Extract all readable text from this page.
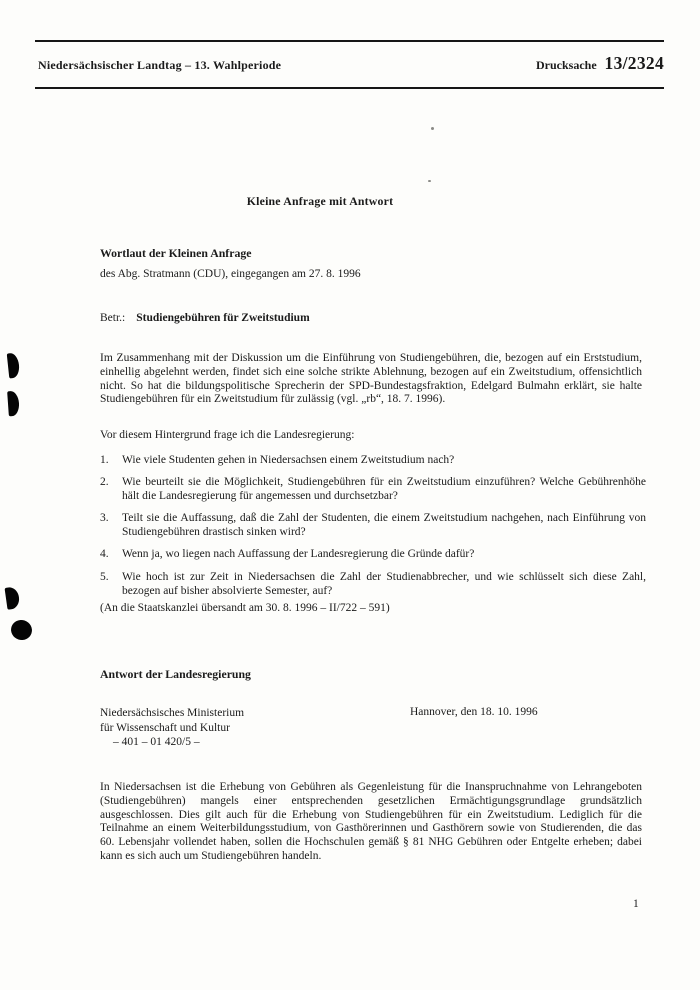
Niedersächsischer Landtag – 13. Wahlperiode	Drucksache 13/2324
Kleine Anfrage mit Antwort
Wortlaut der Kleinen Anfrage
des Abg. Stratmann (CDU), eingegangen am 27. 8. 1996
Betr.: Studiengebühren für Zweitstudium
Im Zusammenhang mit der Diskussion um die Einführung von Studiengebühren, die, bezogen auf ein Erststudium, einhellig abgelehnt werden, findet sich eine solche strikte Ablehnung, bezogen auf ein Zweitstudium, offensichtlich nicht. So hat die bildungspolitische Sprecherin der SPD-Bundestagsfraktion, Edelgard Bulmahn erklärt, sie halte Studiengebühren für ein Zweitstudium für zulässig (vgl. „rb“, 18. 7. 1996).
Vor diesem Hintergrund frage ich die Landesregierung:
1.	Wie viele Studenten gehen in Niedersachsen einem Zweitstudium nach?
2.	Wie beurteilt sie die Möglichkeit, Studiengebühren für ein Zweitstudium einzuführen? Welche Gebührenhöhe hält die Landesregierung für angemessen und durchsetzbar?
3.	Teilt sie die Auffassung, daß die Zahl der Studenten, die einem Zweitstudium nachgehen, nach Einführung von Studiengebühren drastisch sinken wird?
4.	Wenn ja, wo liegen nach Auffassung der Landesregierung die Gründe dafür?
5.	Wie hoch ist zur Zeit in Niedersachsen die Zahl der Studienabbrecher, und wie schlüsselt sich diese Zahl, bezogen auf bisher absolvierte Semester, auf?
(An die Staatskanzlei übersandt am 30. 8. 1996 – II/722 – 591)
Antwort der Landesregierung
Niedersächsisches Ministerium
für Wissenschaft und Kultur
– 401 – 01 420/5 –
Hannover, den 18. 10. 1996
In Niedersachsen ist die Erhebung von Gebühren als Gegenleistung für die Inanspruchnahme von Lehrangeboten (Studiengebühren) mangels einer entsprechenden gesetzlichen Ermächtigungsgrundlage grundsätzlich ausgeschlossen. Dies gilt auch für die Erhebung von Studiengebühren für ein Zweitstudium. Lediglich für die Teilnahme an einem Weiterbildungsstudium, von Gasthörerinnen und Gasthörern sowie von Studierenden, die das 60. Lebensjahr vollendet haben, sollen die Hochschulen gemäß § 81 NHG Gebühren oder Entgelte erheben; dabei kann es sich auch um Studiengebühren handeln.
1
